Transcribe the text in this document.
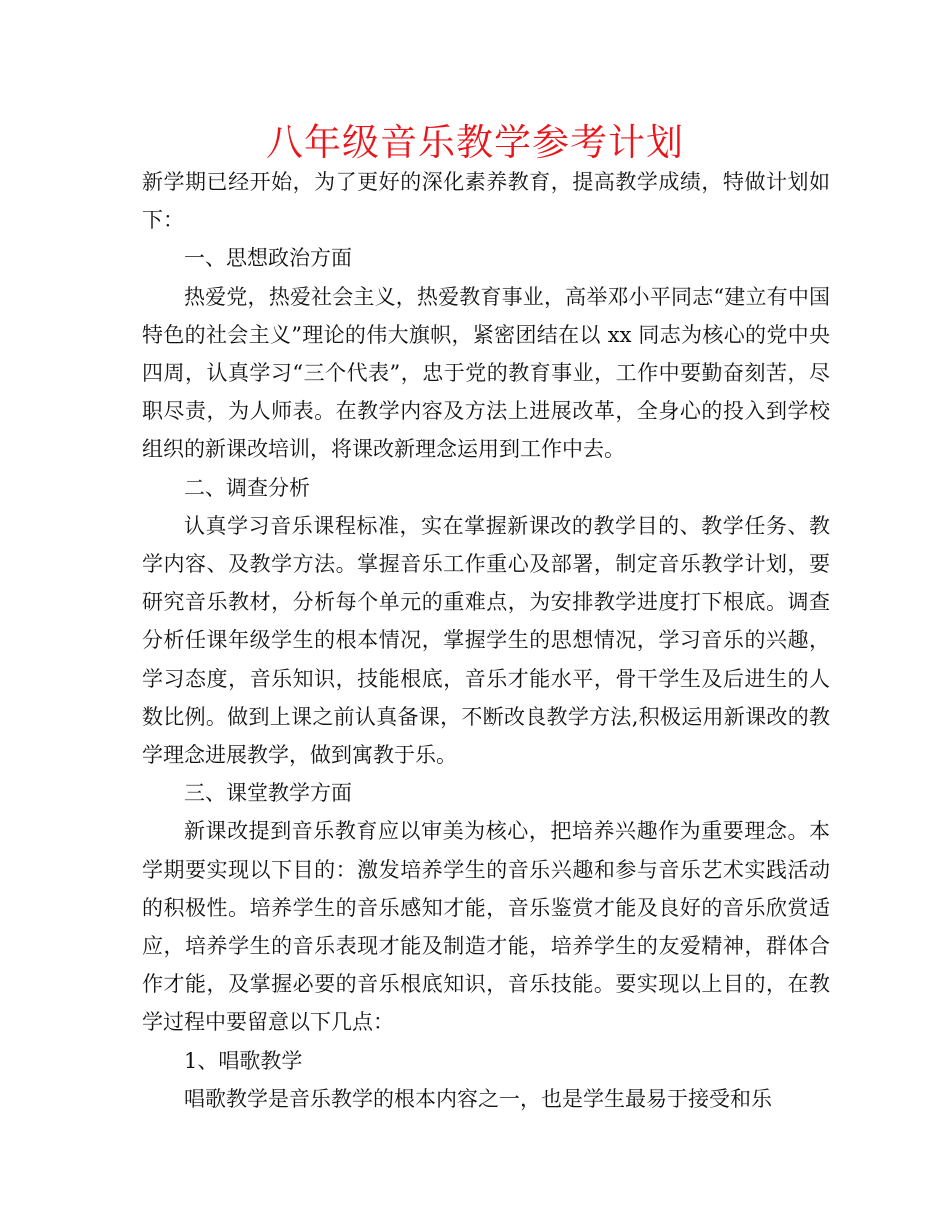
八年级音乐教学参考计划

新学期已经开始，为了更好的深化素养教育，提高教学成绩，特做计划如下：

一、思想政治方面

热爱党，热爱社会主义，热爱教育事业，高举邓小平同志“建立有中国特色的社会主义”理论的伟大旗帜，紧密团结在以 xx 同志为核心的党中央四周，认真学习“三个代表”，忠于党的教育事业，工作中要勤奋刻苦，尽职尽责，为人师表。在教学内容及方法上进展改革，全身心的投入到学校组织的新课改培训，将课改新理念运用到工作中去。

二、调查分析

认真学习音乐课程标准，实在掌握新课改的教学目的、教学任务、教学内容、及教学方法。掌握音乐工作重心及部署，制定音乐教学计划，要研究音乐教材，分析每个单元的重难点，为安排教学进度打下根底。调查分析任课年级学生的根本情况，掌握学生的思想情况，学习音乐的兴趣，学习态度，音乐知识，技能根底，音乐才能水平，骨干学生及后进生的人数比例。做到上课之前认真备课，不断改良教学方法,积极运用新课改的教学理念进展教学，做到寓教于乐。

三、课堂教学方面

新课改提到音乐教育应以审美为核心，把培养兴趣作为重要理念。本学期要实现以下目的：激发培养学生的音乐兴趣和参与音乐艺术实践活动的积极性。培养学生的音乐感知才能，音乐鉴赏才能及良好的音乐欣赏适应，培养学生的音乐表现才能及制造才能，培养学生的友爱精神，群体合作才能，及掌握必要的音乐根底知识，音乐技能。要实现以上目的，在教学过程中要留意以下几点：

1、唱歌教学

唱歌教学是音乐教学的根本内容之一，也是学生最易于接受和乐
